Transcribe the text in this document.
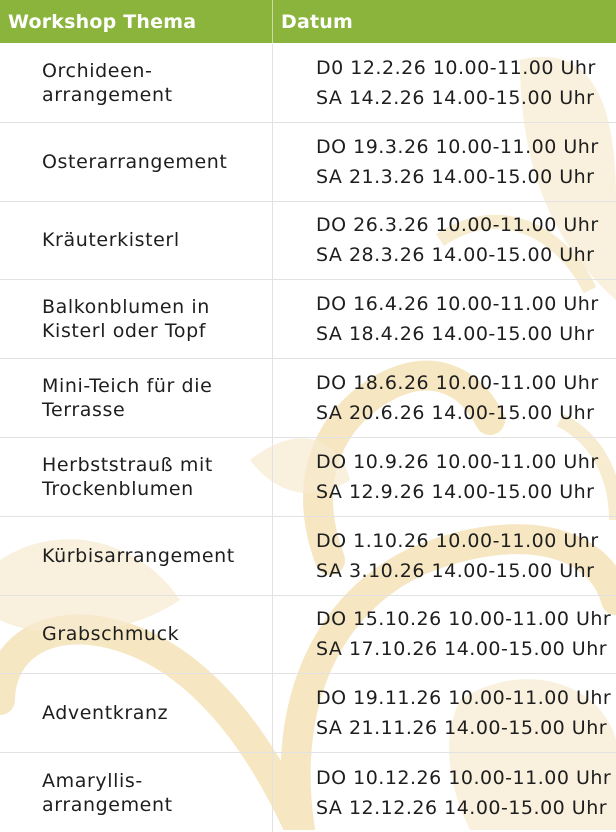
Workshop Thema	Datum
Orchideen-
arrangement
D0 12.2.26 10.00-11.00 Uhr
SA 14.2.26 14.00-15.00 Uhr
Osterarrangement
DO 19.3.26 10.00-11.00 Uhr
SA 21.3.26 14.00-15.00 Uhr
Kräuterkisterl
DO 26.3.26 10.00-11.00 Uhr
SA 28.3.26 14.00-15.00 Uhr
Balkonblumen in
Kisterl oder Topf
DO 16.4.26 10.00-11.00 Uhr
SA 18.4.26 14.00-15.00 Uhr
Mini-Teich für die
Terrasse
DO 18.6.26 10.00-11.00 Uhr
SA 20.6.26 14.00-15.00 Uhr
Herbststrauß mit
Trockenblumen
DO 10.9.26 10.00-11.00 Uhr
SA 12.9.26 14.00-15.00 Uhr
Kürbisarrangement
DO 1.10.26 10.00-11.00 Uhr
SA 3.10.26 14.00-15.00 Uhr
Grabschmuck
DO 15.10.26 10.00-11.00 Uhr
SA 17.10.26 14.00-15.00 Uhr
Adventkranz
DO 19.11.26 10.00-11.00 Uhr
SA 21.11.26 14.00-15.00 Uhr
Amaryllis-
arrangement
DO 10.12.26 10.00-11.00 Uhr
SA 12.12.26 14.00-15.00 Uhr
